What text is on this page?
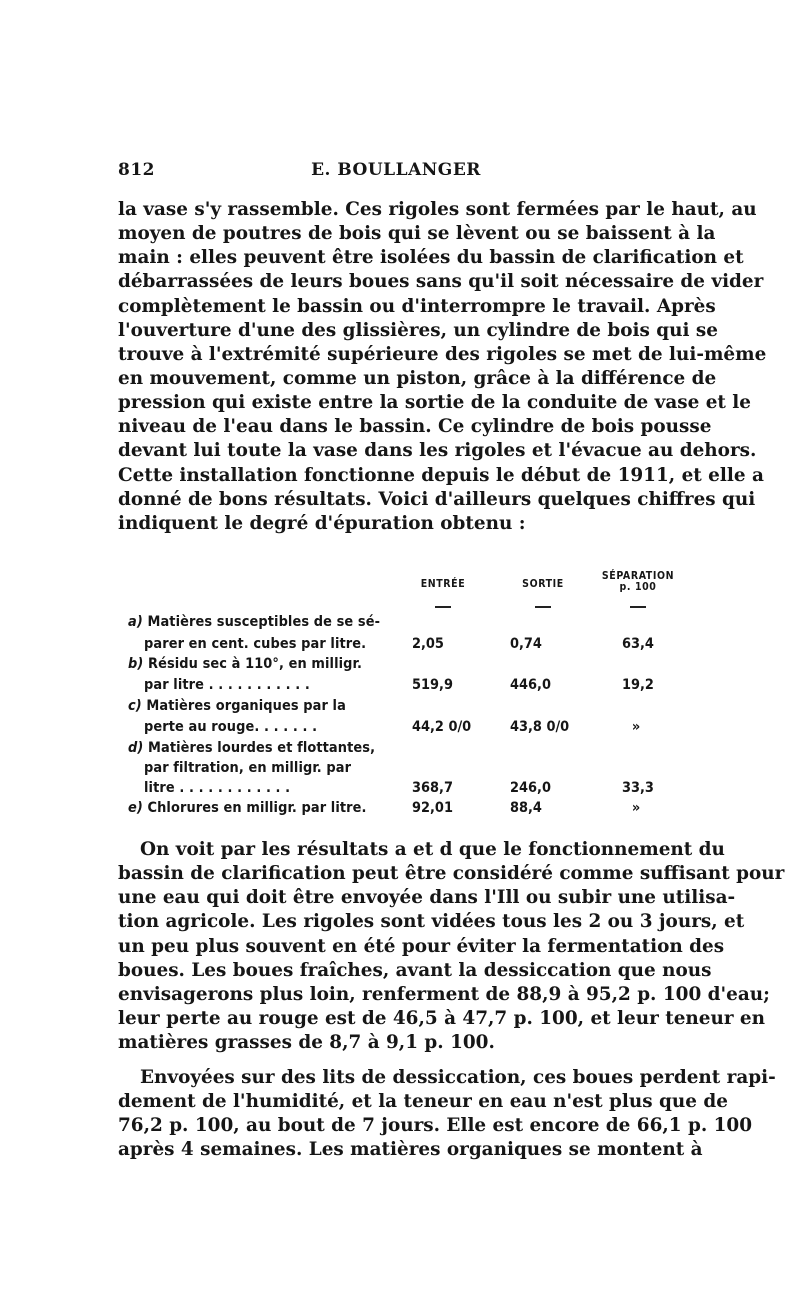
812	E. BOULLANGER
la vase s'y rassemble. Ces rigoles sont fermées par le haut, au
moyen de poutres de bois qui se lèvent ou se baissent à la
main : elles peuvent être isolées du bassin de clarification et
débarrassées de leurs boues sans qu'il soit nécessaire de vider
complètement le bassin ou d'interrompre le travail. Après
l'ouverture d'une des glissières, un cylindre de bois qui se
trouve à l'extrémité supérieure des rigoles se met de lui-même
en mouvement, comme un piston, grâce à la différence de
pression qui existe entre la sortie de la conduite de vase et le
niveau de l'eau dans le bassin. Ce cylindre de bois pousse
devant lui toute la vase dans les rigoles et l'évacue au dehors.
Cette installation fonctionne depuis le début de 1911, et elle a
donné de bons résultats. Voici d'ailleurs quelques chiffres qui
indiquent le degré d'épuration obtenu :
ENTRÉE	SORTIE
SÉPARATION
p. 100
a) Matières susceptibles de se sé-
parer en cent. cubes par litre.	2,05	0,74	63,4
b) Résidu sec à 110°, en milligr.
par litre . . . . . . . . . . .	519,9	446,0	19,2
c) Matières organiques par la
perte au rouge. . . . . . .	44,2 0/0	43,8 0/0	»
d) Matières lourdes et flottantes,
par filtration, en milligr. par
litre . . . . . . . . . . . .	368,7	246,0	33,3
e) Chlorures en milligr. par litre.	92,01	88,4	»
On voit par les résultats a et d que le fonctionnement du
bassin de clarification peut être considéré comme suffisant pour
une eau qui doit être envoyée dans l'Ill ou subir une utilisa-
tion agricole. Les rigoles sont vidées tous les 2 ou 3 jours, et
un peu plus souvent en été pour éviter la fermentation des
boues. Les boues fraîches, avant la dessiccation que nous
envisagerons plus loin, renferment de 88,9 à 95,2 p. 100 d'eau;
leur perte au rouge est de 46,5 à 47,7 p. 100, et leur teneur en
matières grasses de 8,7 à 9,1 p. 100.
Envoyées sur des lits de dessiccation, ces boues perdent rapi-
dement de l'humidité, et la teneur en eau n'est plus que de
76,2 p. 100, au bout de 7 jours. Elle est encore de 66,1 p. 100
après 4 semaines. Les matières organiques se montent à
